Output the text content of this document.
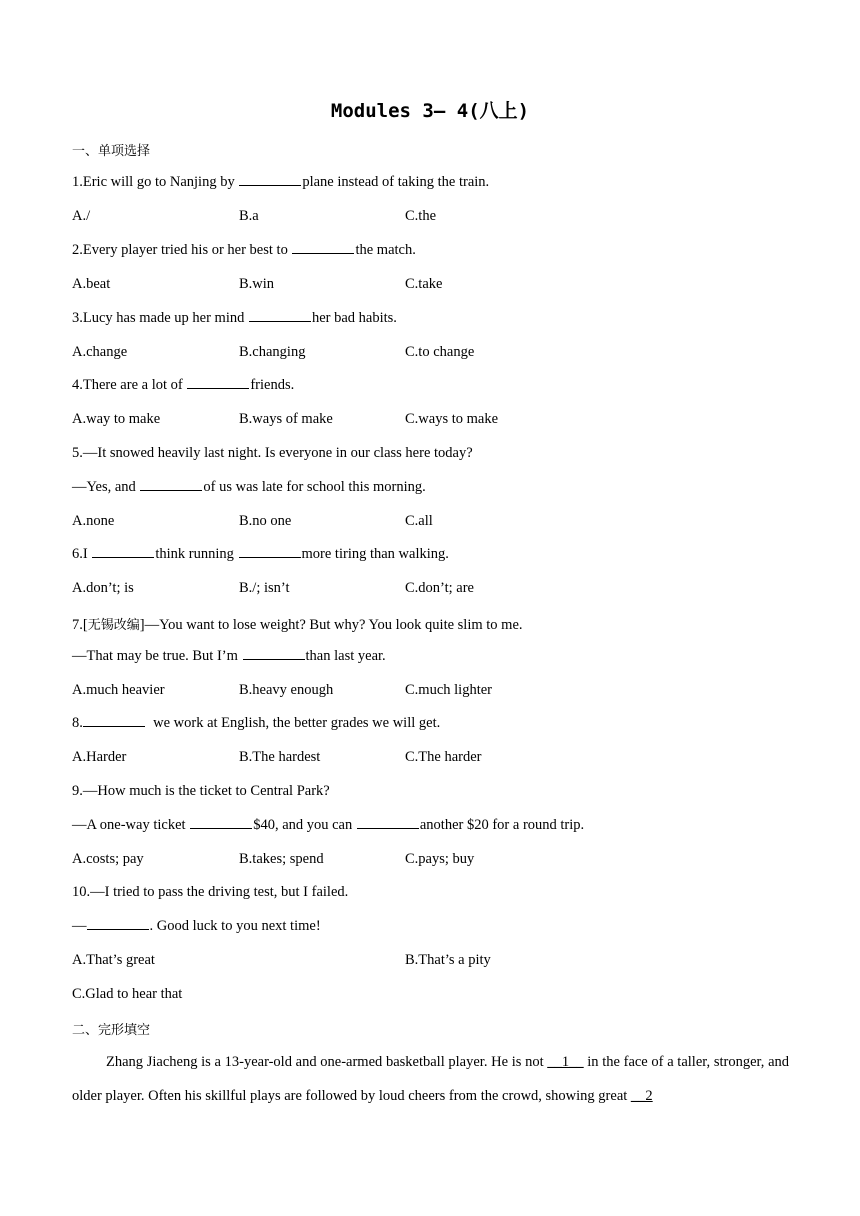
Modules 3— 4(八上)
一、单项选择
1.Eric will go to Nanjing by	plane instead of taking the train.
A./	B.a	C.the
2.Every player tried his or her best to	the match.
A.beat	B.win	C.take
3.Lucy has made up her mind	her bad habits.
A.change	B.changing	C.to change
4.There are a lot of	friends.
A.way to make	B.ways of make	C.ways to make
5.—It snowed heavily last night. Is everyone in our class here today?
—Yes, and	of us was late for school this morning.
A.none	B.no one	C.all
6.I	think running	more tiring than walking.
A.don’t; is	B./; isn’t	C.don’t; are
7.[无锡改编]—You want to lose weight? But why? You look quite slim to me.
—That may be true. But I’m	than last year.
A.much heavier	B.heavy enough	C.much lighter
8.	we work at English, the better grades we will get.
A.Harder	B.The hardest	C.The harder
9.—How much is the ticket to Central Park?
—A one-way ticket	$40, and you can	another $20 for a round trip.
A.costs; pay	B.takes; spend	C.pays; buy
10.—I tried to pass the driving test, but I failed.
—	. Good luck to you next time!
A.That’s great	B.That’s a pity
C.Glad to hear that
二、完形填空
Zhang Jiacheng is a 13-year-old and one-armed basketball player. He is not __1__ in the face of a taller, stronger, and older player. Often his skillful plays are followed by loud cheers from the crowd, showing great __2
